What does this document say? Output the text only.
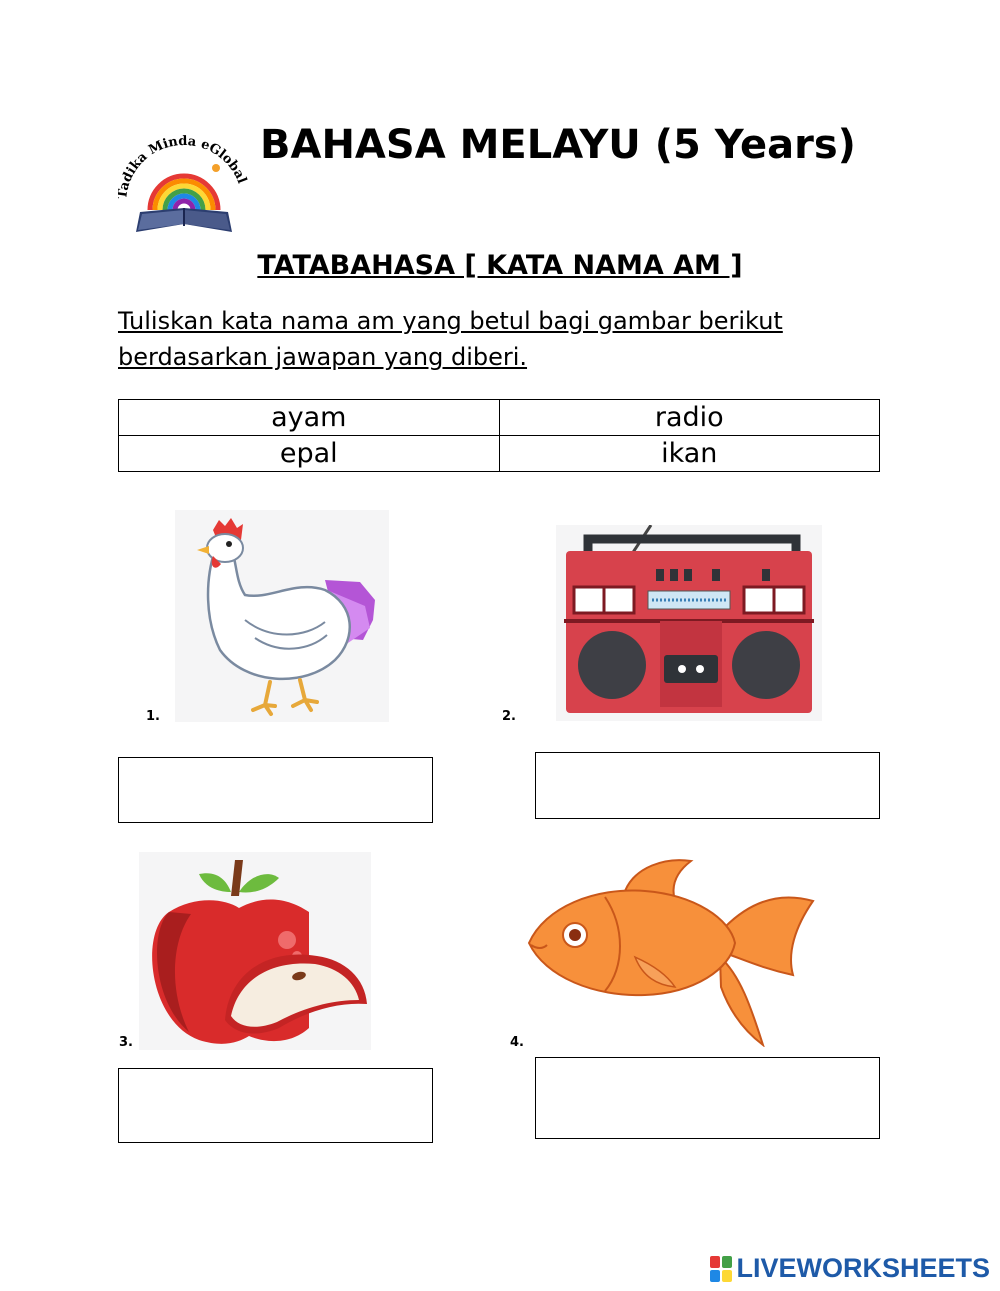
adika Minda eGlobal
BAHASA MELAYU (5 Years)
TATABAHASA [ KATA NAMA AM ]
Tuliskan kata nama am yang betul bagi gambar berikut berdasarkan jawapan yang diberi.
ayam	radio
epal	ikan
1.	2.
3.	4.
LIVEWORKSHEETS
